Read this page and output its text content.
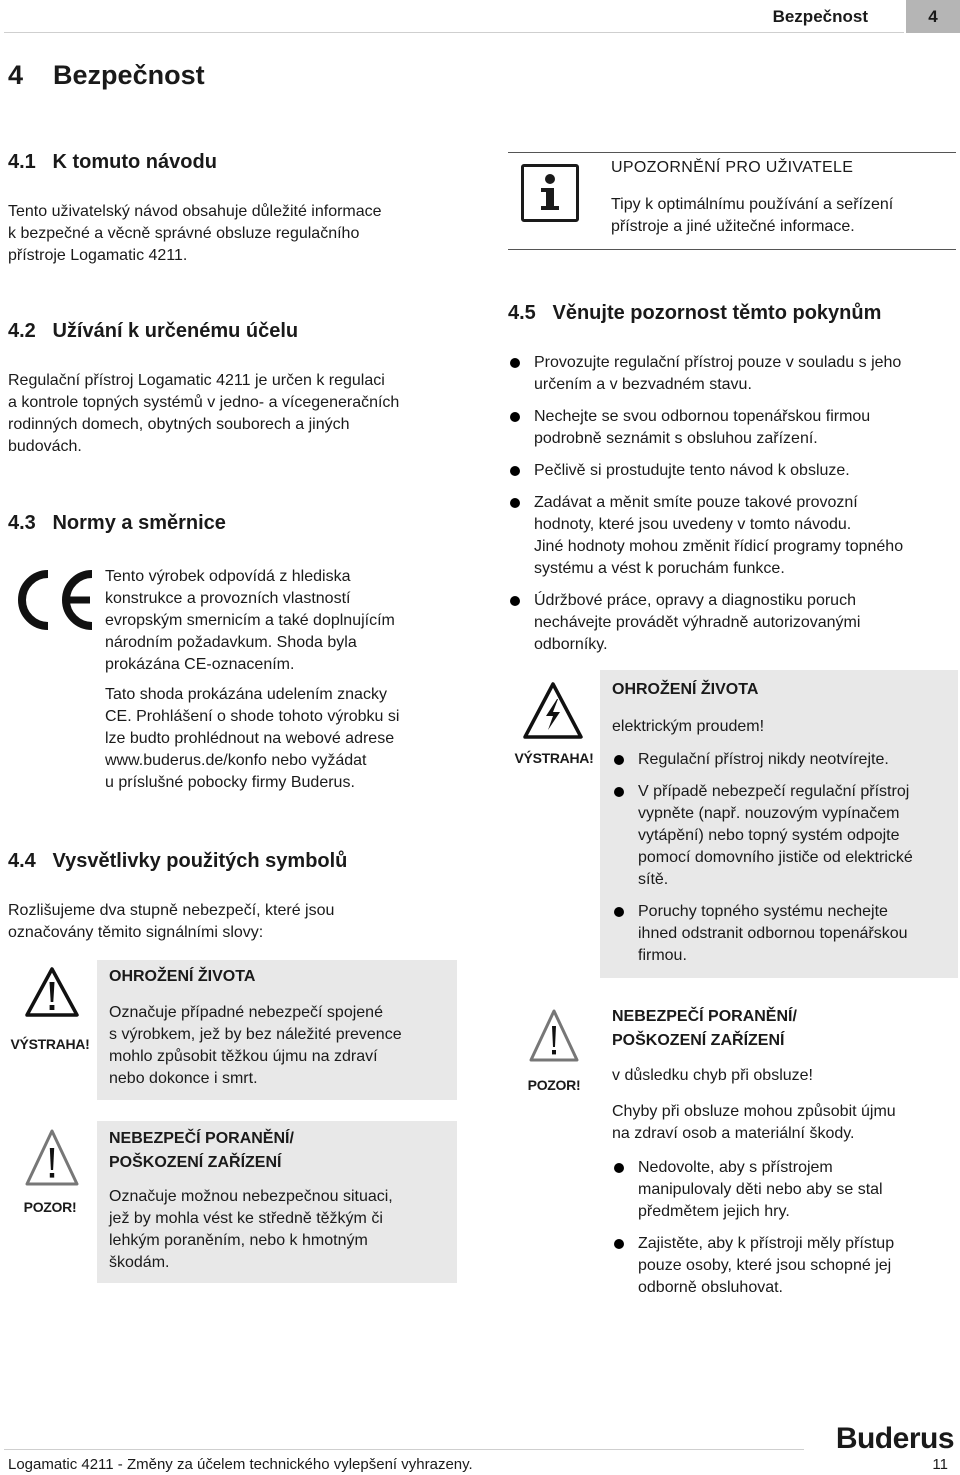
Bezpečnost	4
4 Bezpečnost
4.1 K tomuto návodu

Tento uživatelský návod obsahuje důležité informace

k bezpečné a věcně správné obsluze regulačního

přístroje Logamatic 4211.

4.2 Užívání k určenému účelu

Regulační přístroj Logamatic 4211 je určen k regulaci

a kontrole topných systémů v jedno- a vícegeneračních

rodinných domech, obytných souborech a jiných

budovách.

4.3 Normy a směrnice

Tento výrobek odpovídá z hlediska

konstrukce a provozních vlastností

evropským smernicím a také doplnujícím

národním požadavkum. Shoda byla

prokázána CE-oznacením.

Tato shoda prokázána udelením znacky

CE. Prohlášení o shode tohoto výrobku si

lze budto prohlédnout na webové adrese

www.buderus.de/konfo nebo vyžádat

u príslušné pobocky firmy Buderus.

4.4 Vysvětlivky použitých symbolů

Rozlišujeme dva stupně nebezpečí, které jsou

označovány těmito signálními slovy:

VÝSTRAHA!
OHROŽENÍ ŽIVOTA

Označuje případné nebezpečí spojené

s výrobkem, jež by bez náležité prevence

mohlo způsobit těžkou újmu na zdraví

nebo dokonce i smrt.

POZOR!

NEBEZPEČÍ PORANĚNÍ/

POŠKOZENÍ ZAŘÍZENÍ

Označuje možnou nebezpečnou situaci,

jež by mohla vést ke středně těžkým či

lehkým poraněním, nebo k hmotným

škodám.

UPOZORNĚNÍ PRO UŽIVATELE

Tipy k optimálnímu používání a seřízení

přístroje a jiné užitečné informace.

4.5 Věnujte pozornost těmto pokynům

Provozujte regulační přístroj pouze v souladu s jeho

určením a v bezvadném stavu.

Nechejte se svou odbornou topenářskou firmou

podrobně seznámit s obsluhou zařízení.

Pečlivě si prostudujte tento návod k obsluze.

Zadávat a měnit smíte pouze takové provozní

hodnoty, které jsou uvedeny v tomto návodu.

Jiné hodnoty mohou změnit řídicí programy topného

systému a vést k poruchám funkce.

Údržbové práce, opravy a diagnostiku poruch

nechávejte provádět výhradně autorizovanými

odborníky.

VÝSTRAHA!
OHROŽENÍ ŽIVOTA
elektrickým proudem!

Regulační přístroj nikdy neotvírejte.

V případě nebezpečí regulační přístroj

vypněte (např. nouzovým vypínačem

vytápění) nebo topný systém odpojte

pomocí domovního jističe od elektrické

sítě.

Poruchy topného systému nechejte

ihned odstranit odbornou topenářskou

firmou.

POZOR!

NEBEZPEČÍ PORANĚNÍ/

POŠKOZENÍ ZAŘÍZENÍ

v důsledku chyb při obsluze!

Chyby při obsluze mohou způsobit újmu

na zdraví osob a materiální škody.

Nedovolte, aby s přístrojem

manipulovaly děti nebo aby se stal

předmětem jejich hry.

Zajistěte, aby k přístroji měly přístup

pouze osoby, které jsou schopné jej

odborně obsluhovat.

Buderus
Logamatic 4211 - Změny za účelem technického vylepšení vyhrazeny.	11
